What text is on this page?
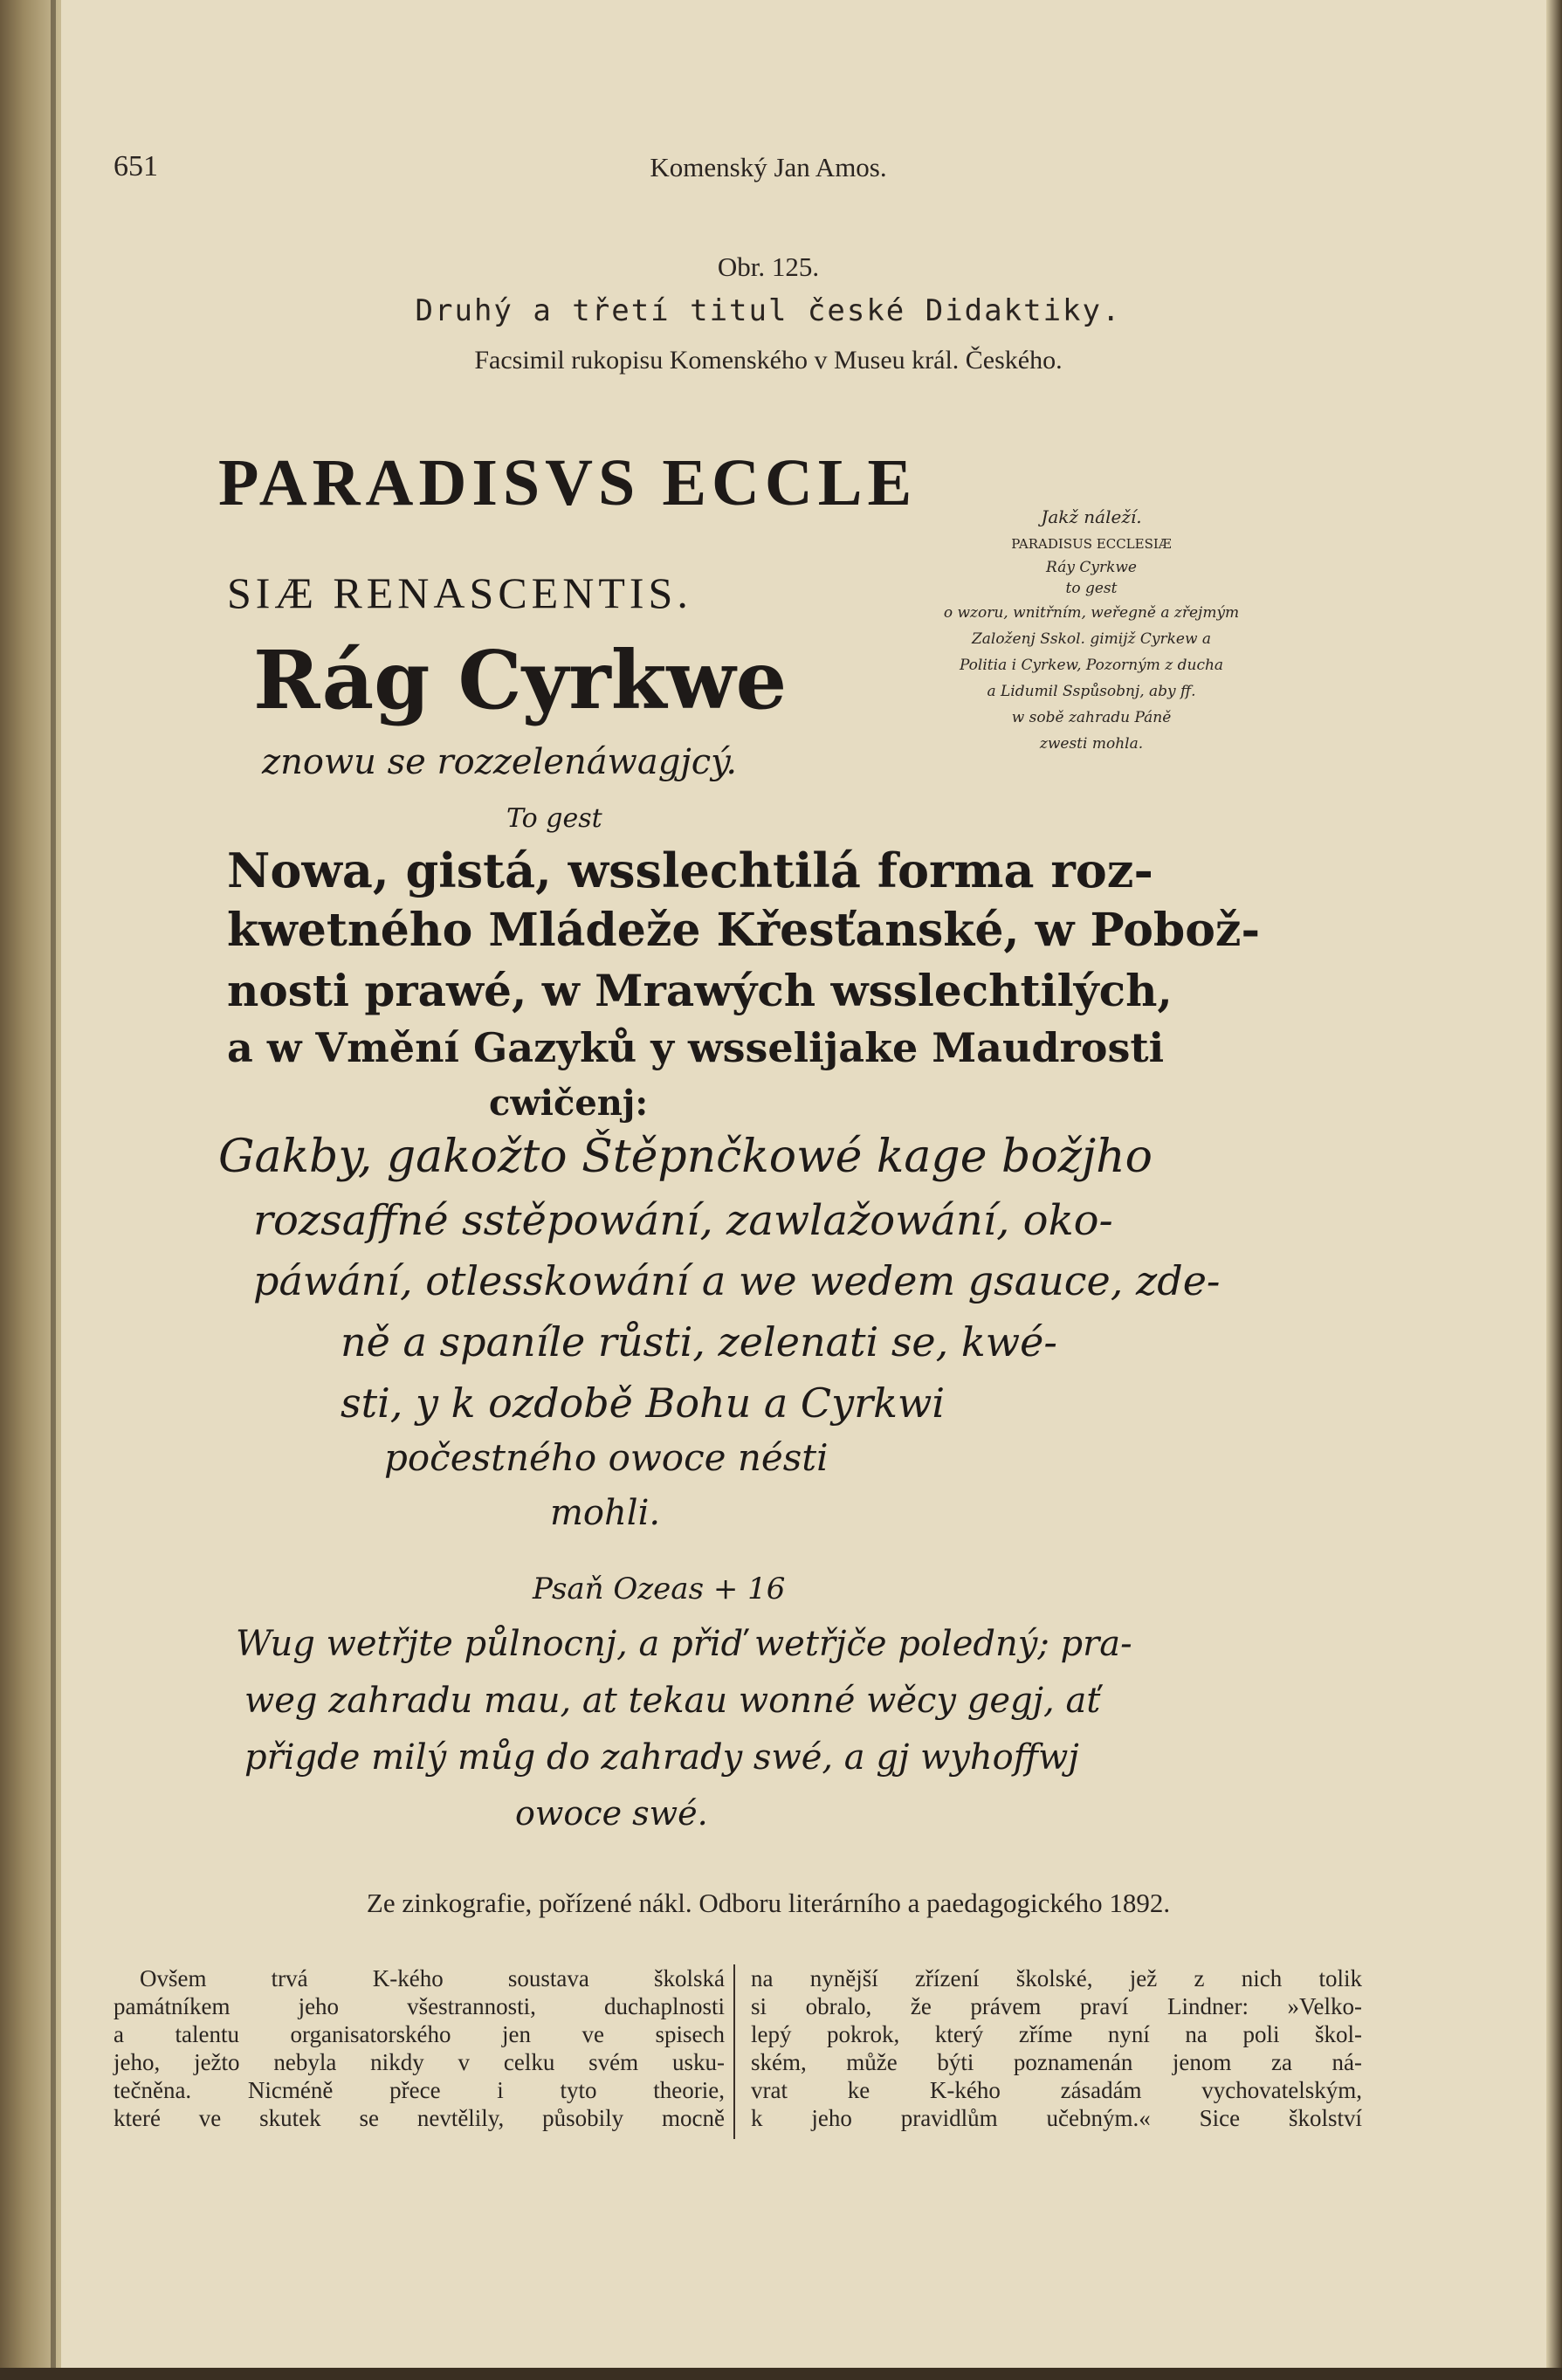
651	Komenský Jan Amos.
Obr. 125.
Druhý a třetí titul české Didaktiky.
Facsimil rukopisu Komenského v Museu král. Českého.
PARADISVS ECCLE
SIÆ RENASCENTIS.
Rág Cyrkwe
znowu se rozzelenáwagjcý.
To gest
Nowa, gistá, wsslechtilá forma roz-
kwetného Mládeže Křesťanské, w Pobož-
nosti prawé, w Mrawých wsslechtilých,
a w Vmění Gazyků y wsselijake Maudrosti
cwičenj:
Gakby, gakožto Štěpnčkowé kage božjho
rozsaffné sstěpowání, zawlažowání, oko-
páwání, otlesskowání a we wedem gsauce, zde-
ně a spaníle růsti, zelenati se, kwé-
sti, y k ozdobě Bohu a Cyrkwi
počestného owoce nésti
mohli.
Psaň Ozeas + 16
Wug wetřjte půlnocnj, a přiď wetřjče poledný; pra-
weg zahradu mau, at tekau wonné wěcy gegj, ať
přigde milý můg do zahrady swé, a gj wyhoffwj
owoce swé.
Jakž náleží.
PARADISUS ECCLESIÆ
Ráy Cyrkwe
to gest
o wzoru, wnitřním, weřegně a zřejmým
Založenj Sskol. gimijž Cyrkew a
Politia i Cyrkew, Pozorným z ducha
a Lidumil Sspůsobnj, aby ff.
w sobě zahradu Páně
zwesti mohla.
Ze zinkografie, pořízené nákl. Odboru literárního a paedagogického 1892.
Ovšem trvá K-kého soustava školská
památníkem jeho všestrannosti, duchaplnosti
a talentu organisatorského jen ve spisech
jeho, ježto nebyla nikdy v celku svém usku-
tečněna. Nicméně přece i tyto theorie,
které ve skutek se nevtělily, působily mocně
na nynější zřízení školské, jež z nich tolik
si obralo, že právem praví Lindner: »Velko-
lepý pokrok, který zříme nyní na poli škol-
ském, může býti poznamenán jenom za ná-
vrat ke K-kého zásadám vychovatelským,
k jeho pravidlům učebným.« Sice školství
